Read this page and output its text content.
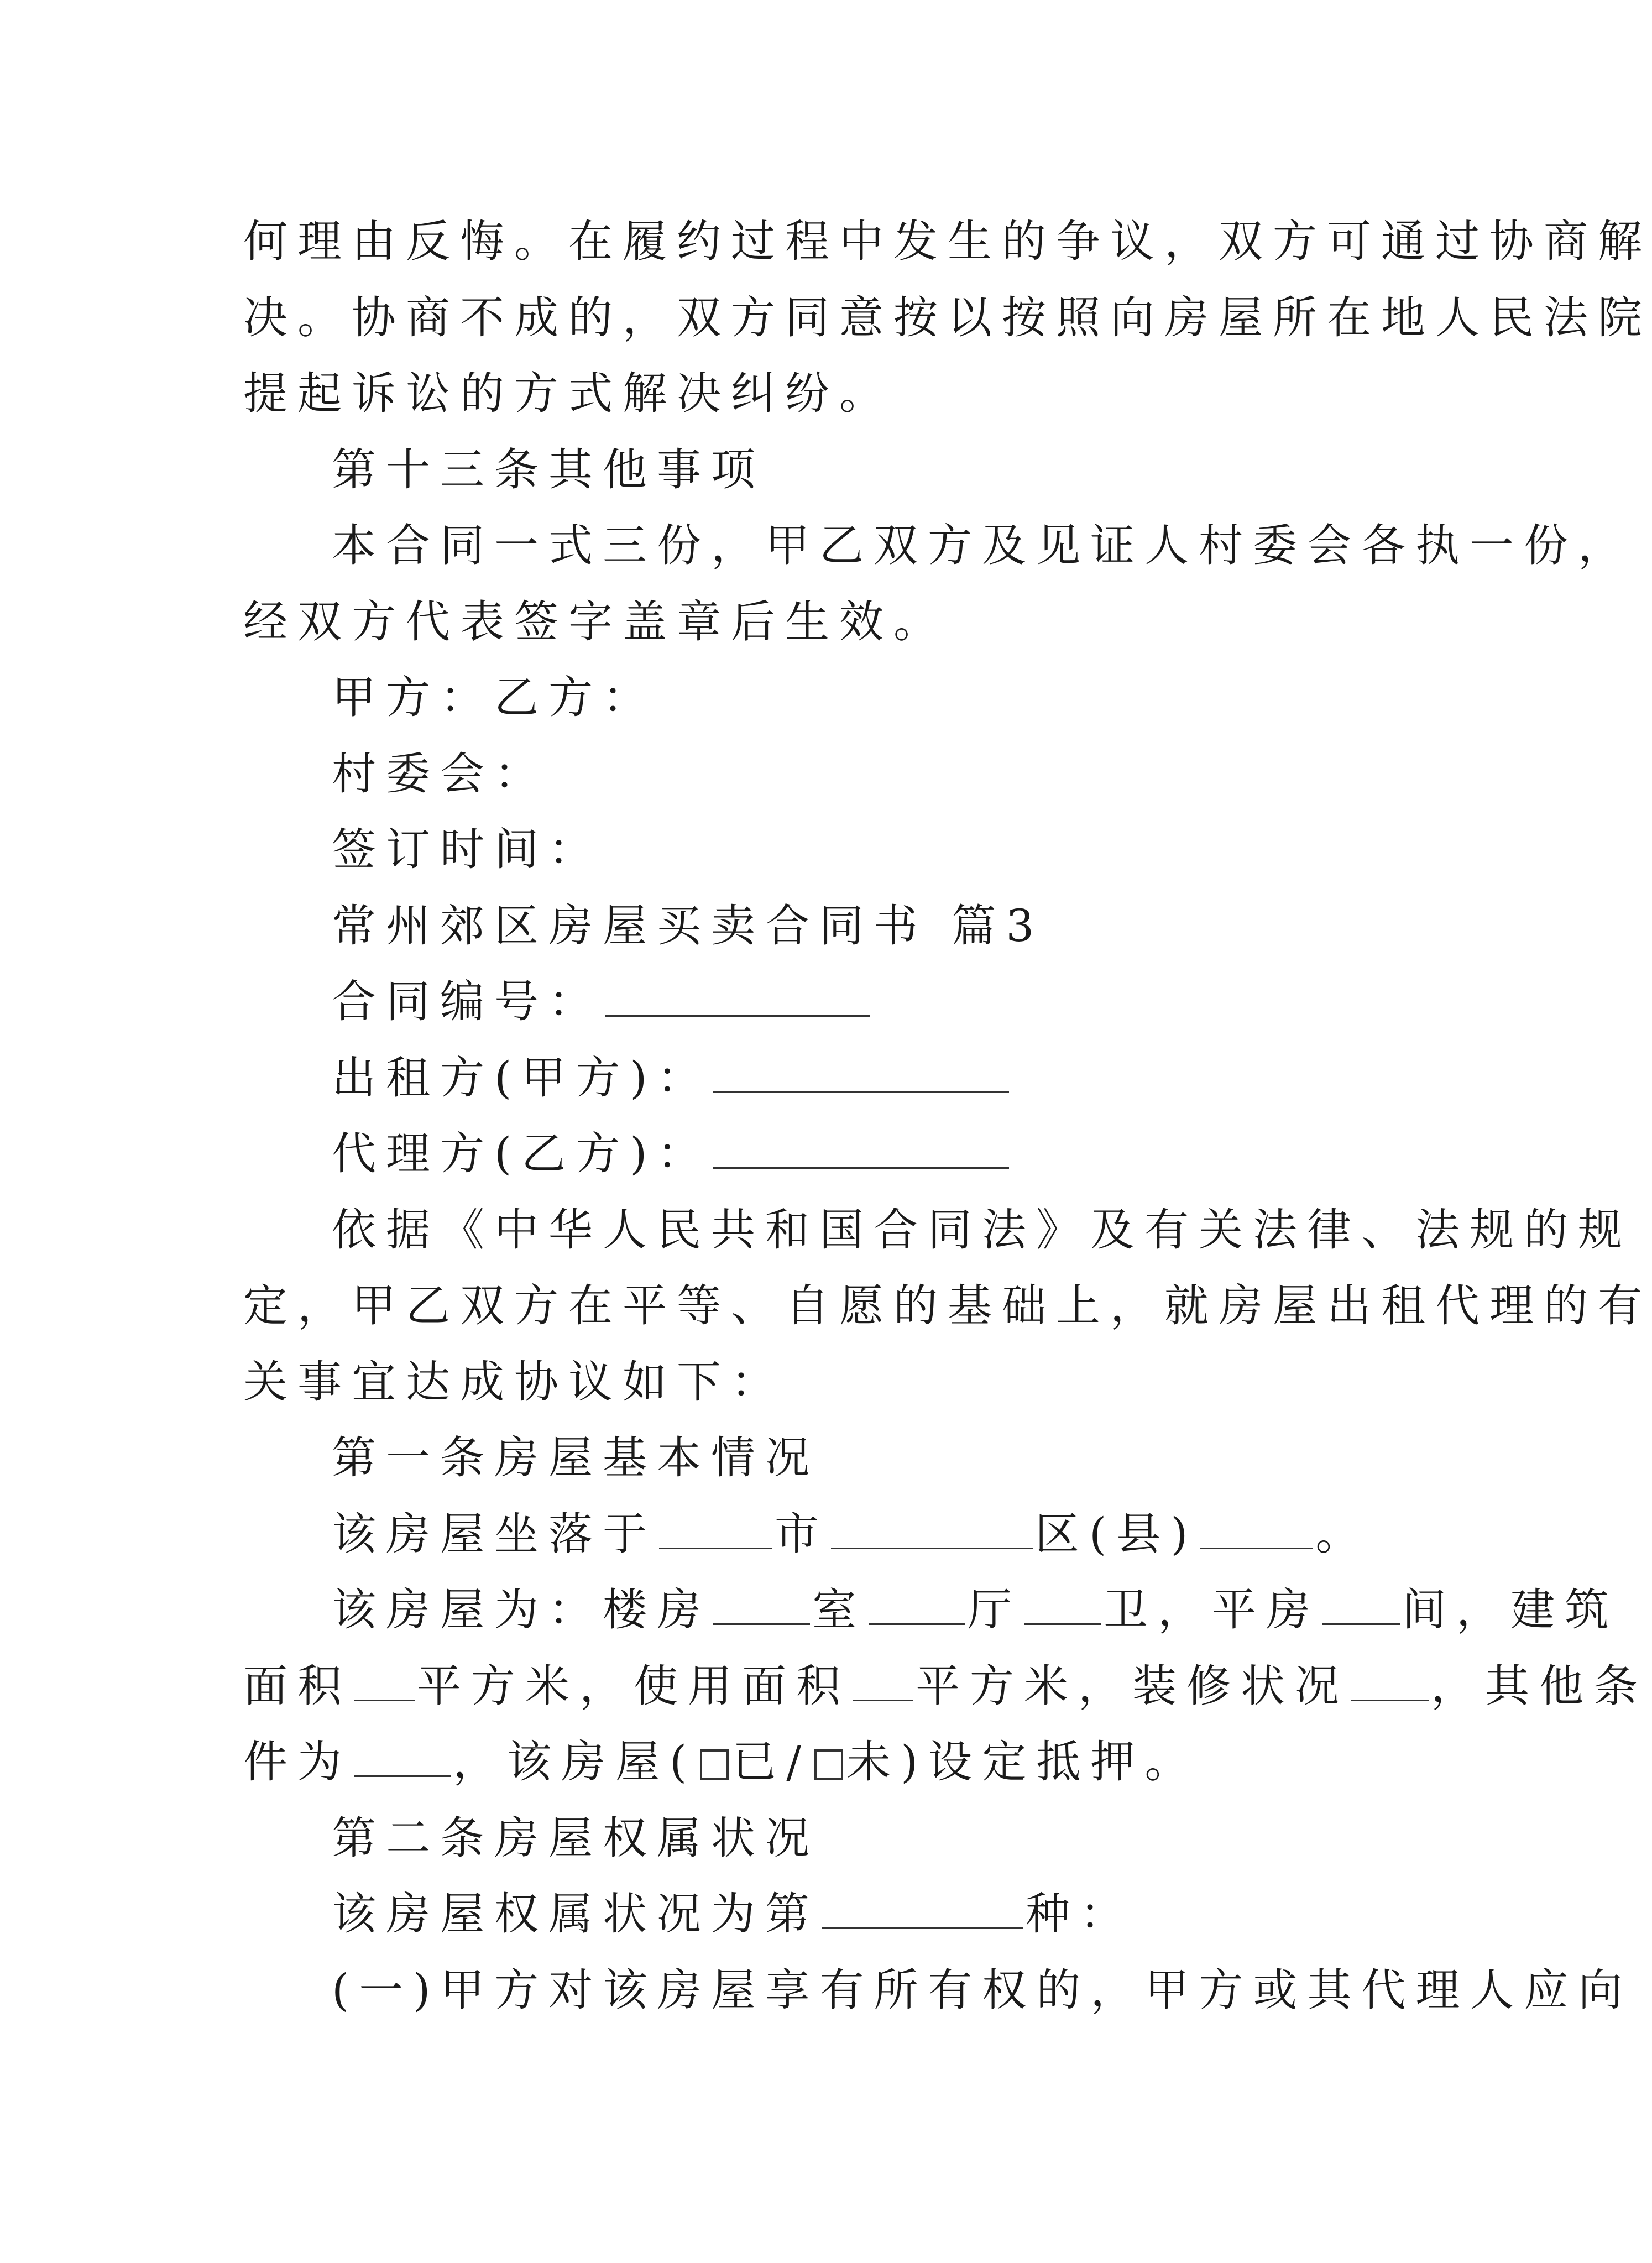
何理由反悔。在履约过程中发生的争议，双方可通过协商解
决。协商不成的，双方同意按以按照向房屋所在地人民法院
提起诉讼的方式解决纠纷。
第十三条其他事项
本合同一式三份，甲乙双方及见证人村委会各执一份，
经双方代表签字盖章后生效。
甲方：乙方：
村委会：
签订时间：
常州郊区房屋买卖合同书 篇3
合同编号：
出租方(甲方)：
代理方(乙方)：
依据《中华人民共和国合同法》及有关法律、法规的规
定，甲乙双方在平等、自愿的基础上，就房屋出租代理的有
关事宜达成协议如下：
第一条房屋基本情况
该房屋坐落于	市	区(县)	。
该房屋为：楼房 室 厅 卫，平房 间，建筑
面积 平方米，使用面积 平方米，装修状况 ，其他条
件为 ，该房屋( 已/ 未)设定抵押。
第二条房屋权属状况
该房屋权属状况为第	种：
(一)甲方对该房屋享有所有权的，甲方或其代理人应向
